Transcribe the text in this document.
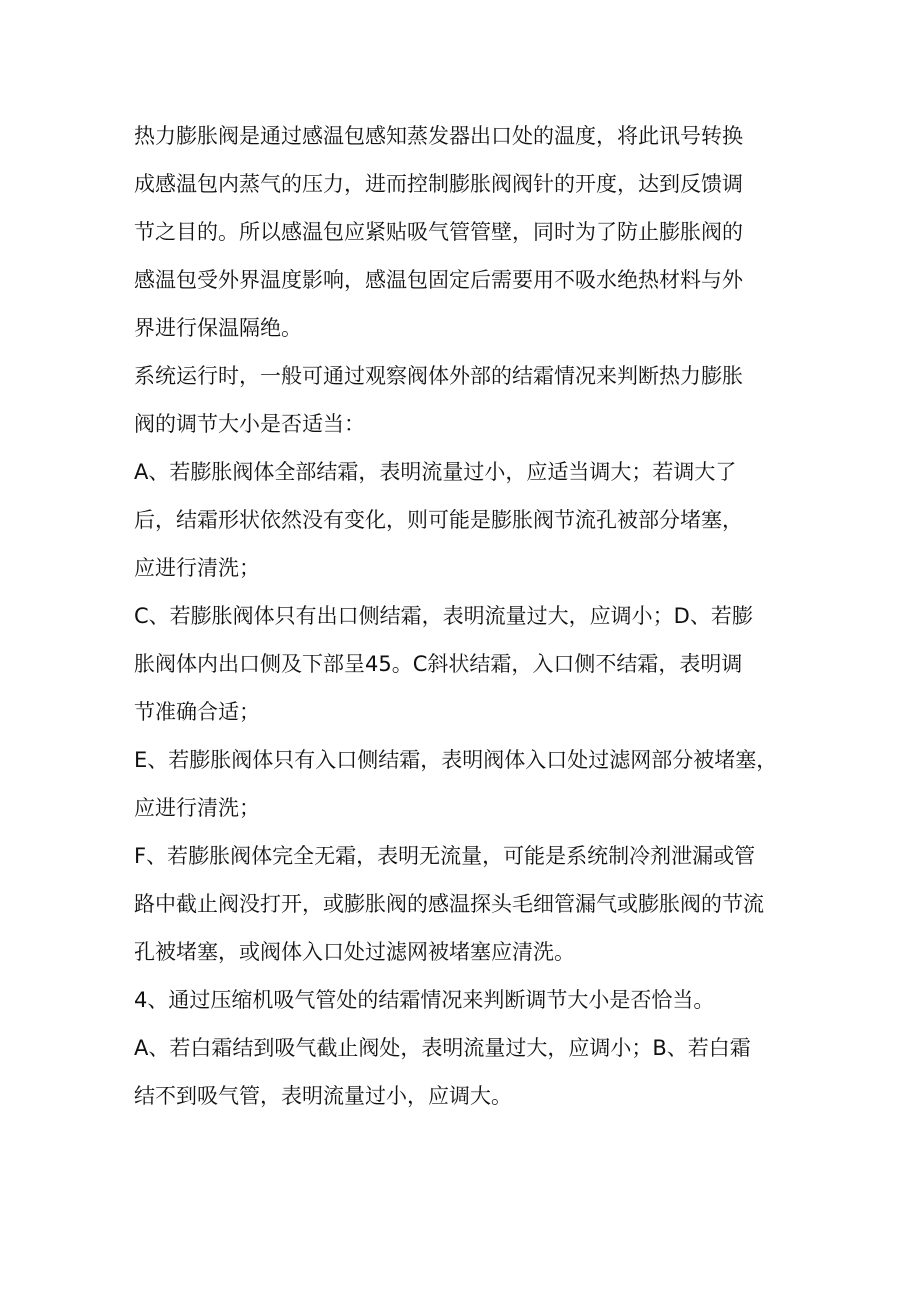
热力膨胀阀是通过感温包感知蒸发器出口处的温度，将此讯号转换
成感温包内蒸气的压力，进而控制膨胀阀阀针的开度，达到反馈调
节之目的。所以感温包应紧贴吸气管管壁，同时为了防止膨胀阀的
感温包受外界温度影响，感温包固定后需要用不吸水绝热材料与外
界进行保温隔绝。

系统运行时，一般可通过观察阀体外部的结霜情况来判断热力膨胀
阀的调节大小是否适当：

A、若膨胀阀体全部结霜，表明流量过小，应适当调大；若调大了
后，结霜形状依然没有变化，则可能是膨胀阀节流孔被部分堵塞，
应进行清洗；

C、若膨胀阀体只有出口侧结霜，表明流量过大，应调小；D、若膨
胀阀体内出口侧及下部呈45。C斜状结霜，入口侧不结霜，表明调
节准确合适；

E、若膨胀阀体只有入口侧结霜，表明阀体入口处过滤网部分被堵塞，
应进行清洗；

F、若膨胀阀体完全无霜，表明无流量，可能是系统制冷剂泄漏或管
路中截止阀没打开，或膨胀阀的感温探头毛细管漏气或膨胀阀的节流
孔被堵塞，或阀体入口处过滤网被堵塞应清洗。

4、通过压缩机吸气管处的结霜情况来判断调节大小是否恰当。

A、若白霜结到吸气截止阀处，表明流量过大，应调小；B、若白霜
结不到吸气管，表明流量过小，应调大。
